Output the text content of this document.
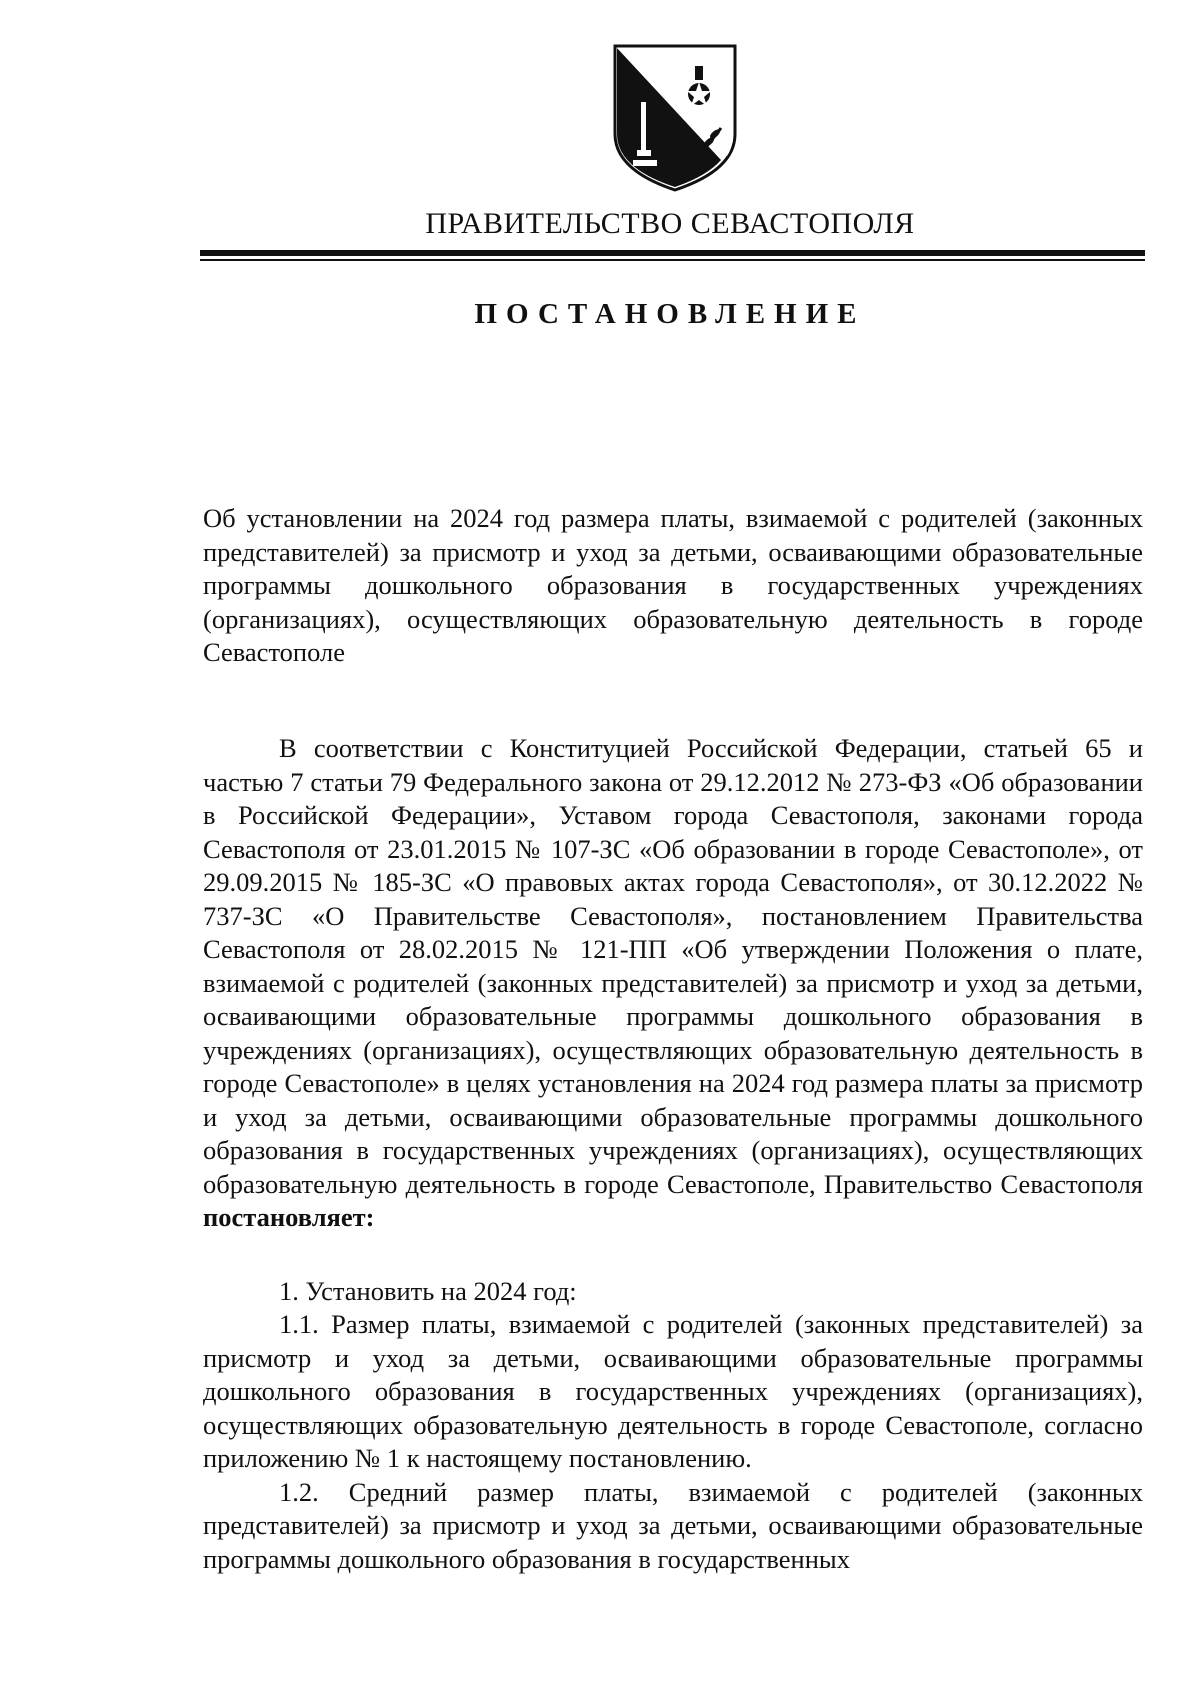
ПРАВИТЕЛЬСТВО СЕВАСТОПОЛЯ
ПОСТАНОВЛЕНИЕ

Об установлении на 2024 год размера платы, взимаемой с родителей (законных представителей) за присмотр и уход за детьми, осваивающими образовательные программы дошкольного образования в государственных учреждениях (организациях), осуществляющих образовательную деятельность в городе Севастополе

В соответствии с Конституцией Российской Федерации, статьей 65 и частью 7 статьи 79 Федерального закона от 29.12.2012 № 273-ФЗ «Об образовании в Российской Федерации», Уставом города Севастополя, законами города Севастополя от 23.01.2015 № 107-ЗС «Об образовании в городе Севастополе», от 29.09.2015 № 185-ЗС «О правовых актах города Севастополя», от 30.12.2022 № 737-ЗС «О Правительстве Севастополя», постановлением Правительства Севастополя от 28.02.2015 № 121-ПП «Об утверждении Положения о плате, взимаемой с родителей (законных представителей) за присмотр и уход за детьми, осваивающими образовательные программы дошкольного образования в учреждениях (организациях), осуществляющих образовательную деятельность в городе Севастополе» в целях установления на 2024 год размера платы за присмотр и уход за детьми, осваивающими образовательные программы дошкольного образования в государственных учреждениях (организациях), осуществляющих образовательную деятельность в городе Севастополе, Правительство Севастополя постановляет:

1. Установить на 2024 год:

1.1. Размер платы, взимаемой с родителей (законных представителей) за присмотр и уход за детьми, осваивающими образовательные программы дошкольного образования в государственных учреждениях (организациях), осуществляющих образовательную деятельность в городе Севастополе, согласно приложению № 1 к настоящему постановлению.

1.2. Средний размер платы, взимаемой с родителей (законных представителей) за присмотр и уход за детьми, осваивающими образовательные программы дошкольного образования в государственных
